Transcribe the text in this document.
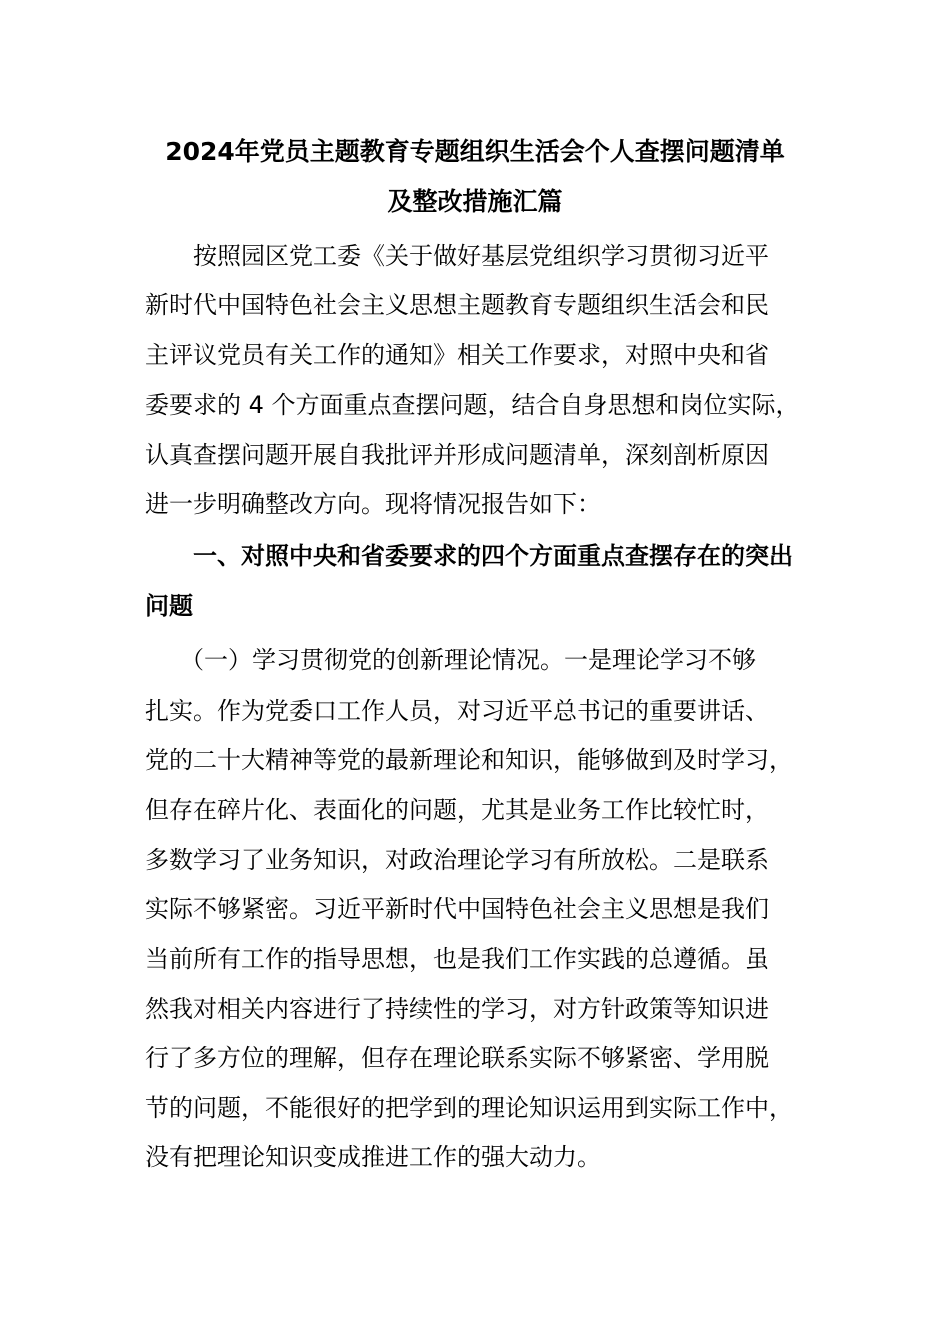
2024年党员主题教育专题组织生活会个人查摆问题清单
及整改措施汇篇
按照园区党工委《关于做好基层党组织学习贯彻习近平
新时代中国特色社会主义思想主题教育专题组织生活会和民
主评议党员有关工作的通知》相关工作要求，对照中央和省
委要求的 4 个方面重点查摆问题，结合自身思想和岗位实际，
认真查摆问题开展自我批评并形成问题清单，深刻剖析原因
进一步明确整改方向。现将情况报告如下：
一、对照中央和省委要求的四个方面重点查摆存在的突出
问题
（一）学习贯彻党的创新理论情况。一是理论学习不够
扎实。作为党委口工作人员，对习近平总书记的重要讲话、
党的二十大精神等党的最新理论和知识，能够做到及时学习，
但存在碎片化、表面化的问题，尤其是业务工作比较忙时，
多数学习了业务知识，对政治理论学习有所放松。二是联系
实际不够紧密。习近平新时代中国特色社会主义思想是我们
当前所有工作的指导思想，也是我们工作实践的总遵循。虽
然我对相关内容进行了持续性的学习，对方针政策等知识进
行了多方位的理解，但存在理论联系实际不够紧密、学用脱
节的问题，不能很好的把学到的理论知识运用到实际工作中，
没有把理论知识变成推进工作的强大动力。
